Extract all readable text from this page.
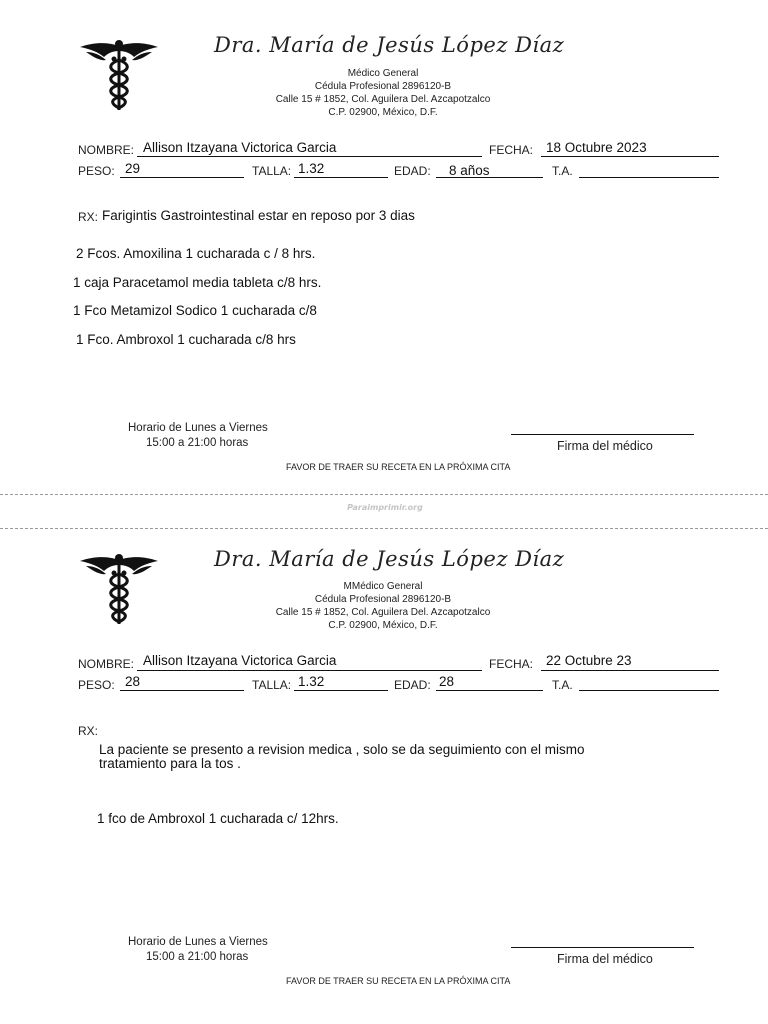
Dra. María de Jesús López Díaz
Médico General
Cédula Profesional 2896120-B
Calle 15 # 1852, Col. Aguilera Del. Azcapotzalco
C.P. 02900, México, D.F.
NOMBRE: Allison Itzayana Victorica Garcia	FECHA: 18 Octubre 2023
PESO: 29	TALLA: 1.32	EDAD: 8 años	T.A.
RX: Farigintis Gastrointestinal estar en reposo por 3 dias
2 Fcos. Amoxilina 1 cucharada c / 8 hrs.
1 caja Paracetamol media tableta c/8 hrs.
1 Fco Metamizol Sodico 1 cucharada c/8
1 Fco. Ambroxol 1 cucharada c/8 hrs
Horario de Lunes a Viernes
15:00 a 21:00 horas	Firma del médico
FAVOR DE TRAER SU RECETA EN LA PRÓXIMA CITA
Paraimprimir.org
Dra. María de Jesús López Díaz
MMédico General
Cédula Profesional 2896120-B
Calle 15 # 1852, Col. Aguilera Del. Azcapotzalco
C.P. 02900, México, D.F.
NOMBRE: Allison Itzayana Victorica Garcia	FECHA: 22 Octubre 23
PESO: 28	TALLA: 1.32	EDAD: 28	T.A.
RX:
La paciente se presento a revision medica , solo se da seguimiento con el mismo tratamiento para la tos .
1 fco de Ambroxol 1 cucharada c/ 12hrs.
Horario de Lunes a Viernes
15:00 a 21:00 horas	Firma del médico
FAVOR DE TRAER SU RECETA EN LA PRÓXIMA CITA
